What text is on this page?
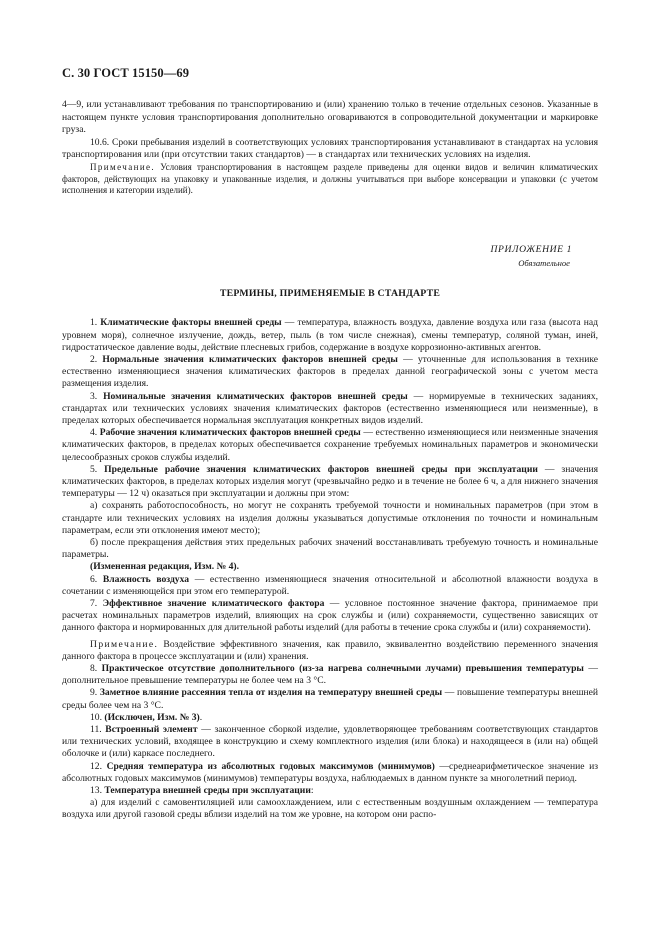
С. 30 ГОСТ 15150—69

4—9, или устанавливают требования по транспортированию и (или) хранению только в течение отдельных сезонов. Указанные в настоящем пункте условия транспортирования дополнительно оговариваются в сопроводительной документации и маркировке груза.

10.6. Сроки пребывания изделий в соответствующих условиях транспортирования устанавливают в стандартах на условия транспортирования или (при отсутствии таких стандартов) — в стандартах или технических условиях на изделия.

Примечание. Условия транспортирования в настоящем разделе приведены для оценки видов и величин климатических факторов, действующих на упаковку и упакованные изделия, и должны учитываться при выборе консервации и упаковки (с учетом исполнения и категории изделий).

ПРИЛОЖЕНИЕ 1
Обязательное
ТЕРМИНЫ, ПРИМЕНЯЕМЫЕ В СТАНДАРТЕ

1. Климатические факторы внешней среды — температура, влажность воздуха, давление воздуха или газа (высота над уровнем моря), солнечное излучение, дождь, ветер, пыль (в том числе снежная), смены температур, соляной туман, иней, гидростатическое давление воды, действие плесневых грибов, содержание в воздухе коррозионно-активных агентов.

2. Нормальные значения климатических факторов внешней среды — уточненные для использования в технике естественно изменяющиеся значения климатических факторов в пределах данной географической зоны с учетом места размещения изделия.

3. Номинальные значения климатических факторов внешней среды — нормируемые в технических заданиях, стандартах или технических условиях значения климатических факторов (естественно изменяющиеся или неизменные), в пределах которых обеспечивается нормальная эксплуатация конкретных видов изделий.

4. Рабочие значения климатических факторов внешней среды — естественно изменяющиеся или неизменные значения климатических факторов, в пределах которых обеспечивается сохранение требуемых номинальных параметров и экономически целесообразных сроков службы изделий.

5. Предельные рабочие значения климатических факторов внешней среды при эксплуатации — значения климатических факторов, в пределах которых изделия могут (чрезвычайно редко и в течение не более 6 ч, а для нижнего значения температуры — 12 ч) оказаться при эксплуатации и должны при этом:

а) сохранять работоспособность, но могут не сохранять требуемой точности и номинальных параметров (при этом в стандарте или технических условиях на изделия должны указываться допустимые отклонения по точности и номинальным параметрам, если эти отклонения имеют место);

б) после прекращения действия этих предельных рабочих значений восстанавливать требуемую точность и номинальные параметры.

(Измененная редакция, Изм. № 4).

6. Влажность воздуха — естественно изменяющиеся значения относительной и абсолютной влажности воздуха в сочетании с изменяющейся при этом его температурой.

7. Эффективное значение климатического фактора — условное постоянное значение фактора, принимаемое при расчетах номинальных параметров изделий, влияющих на срок службы и (или) сохраняемости, существенно зависящих от данного фактора и нормированных для длительной работы изделий (для работы в течение срока службы и (или) сохраняемости).

Примечание. Воздействие эффективного значения, как правило, эквивалентно воздействию переменного значения данного фактора в процессе эксплуатации и (или) хранения.

8. Практическое отсутствие дополнительного (из-за нагрева солнечными лучами) превышения температуры — дополнительное превышение температуры не более чем на 3 °С.

9. Заметное влияние рассеяния тепла от изделия на температуру внешней среды — повышение температуры внешней среды более чем на 3 °С.

10. (Исключен, Изм. № 3).

11. Встроенный элемент — законченное сборкой изделие, удовлетворяющее требованиям соответствующих стандартов или технических условий, входящее в конструкцию и схему комплектного изделия (или блока) и находящееся в (или на) общей оболочке и (или) каркасе последнего.

12. Средняя температура из абсолютных годовых максимумов (минимумов) —среднеарифметическое значение из абсолютных годовых максимумов (минимумов) температуры воздуха, наблюдаемых в данном пункте за многолетний период.

13. Температура внешней среды при эксплуатации:

а) для изделий с самовентиляцией или самоохлаждением, или с естественным воздушным охлаждением — температура воздуха или другой газовой среды вблизи изделий на том же уровне, на котором они распо-
